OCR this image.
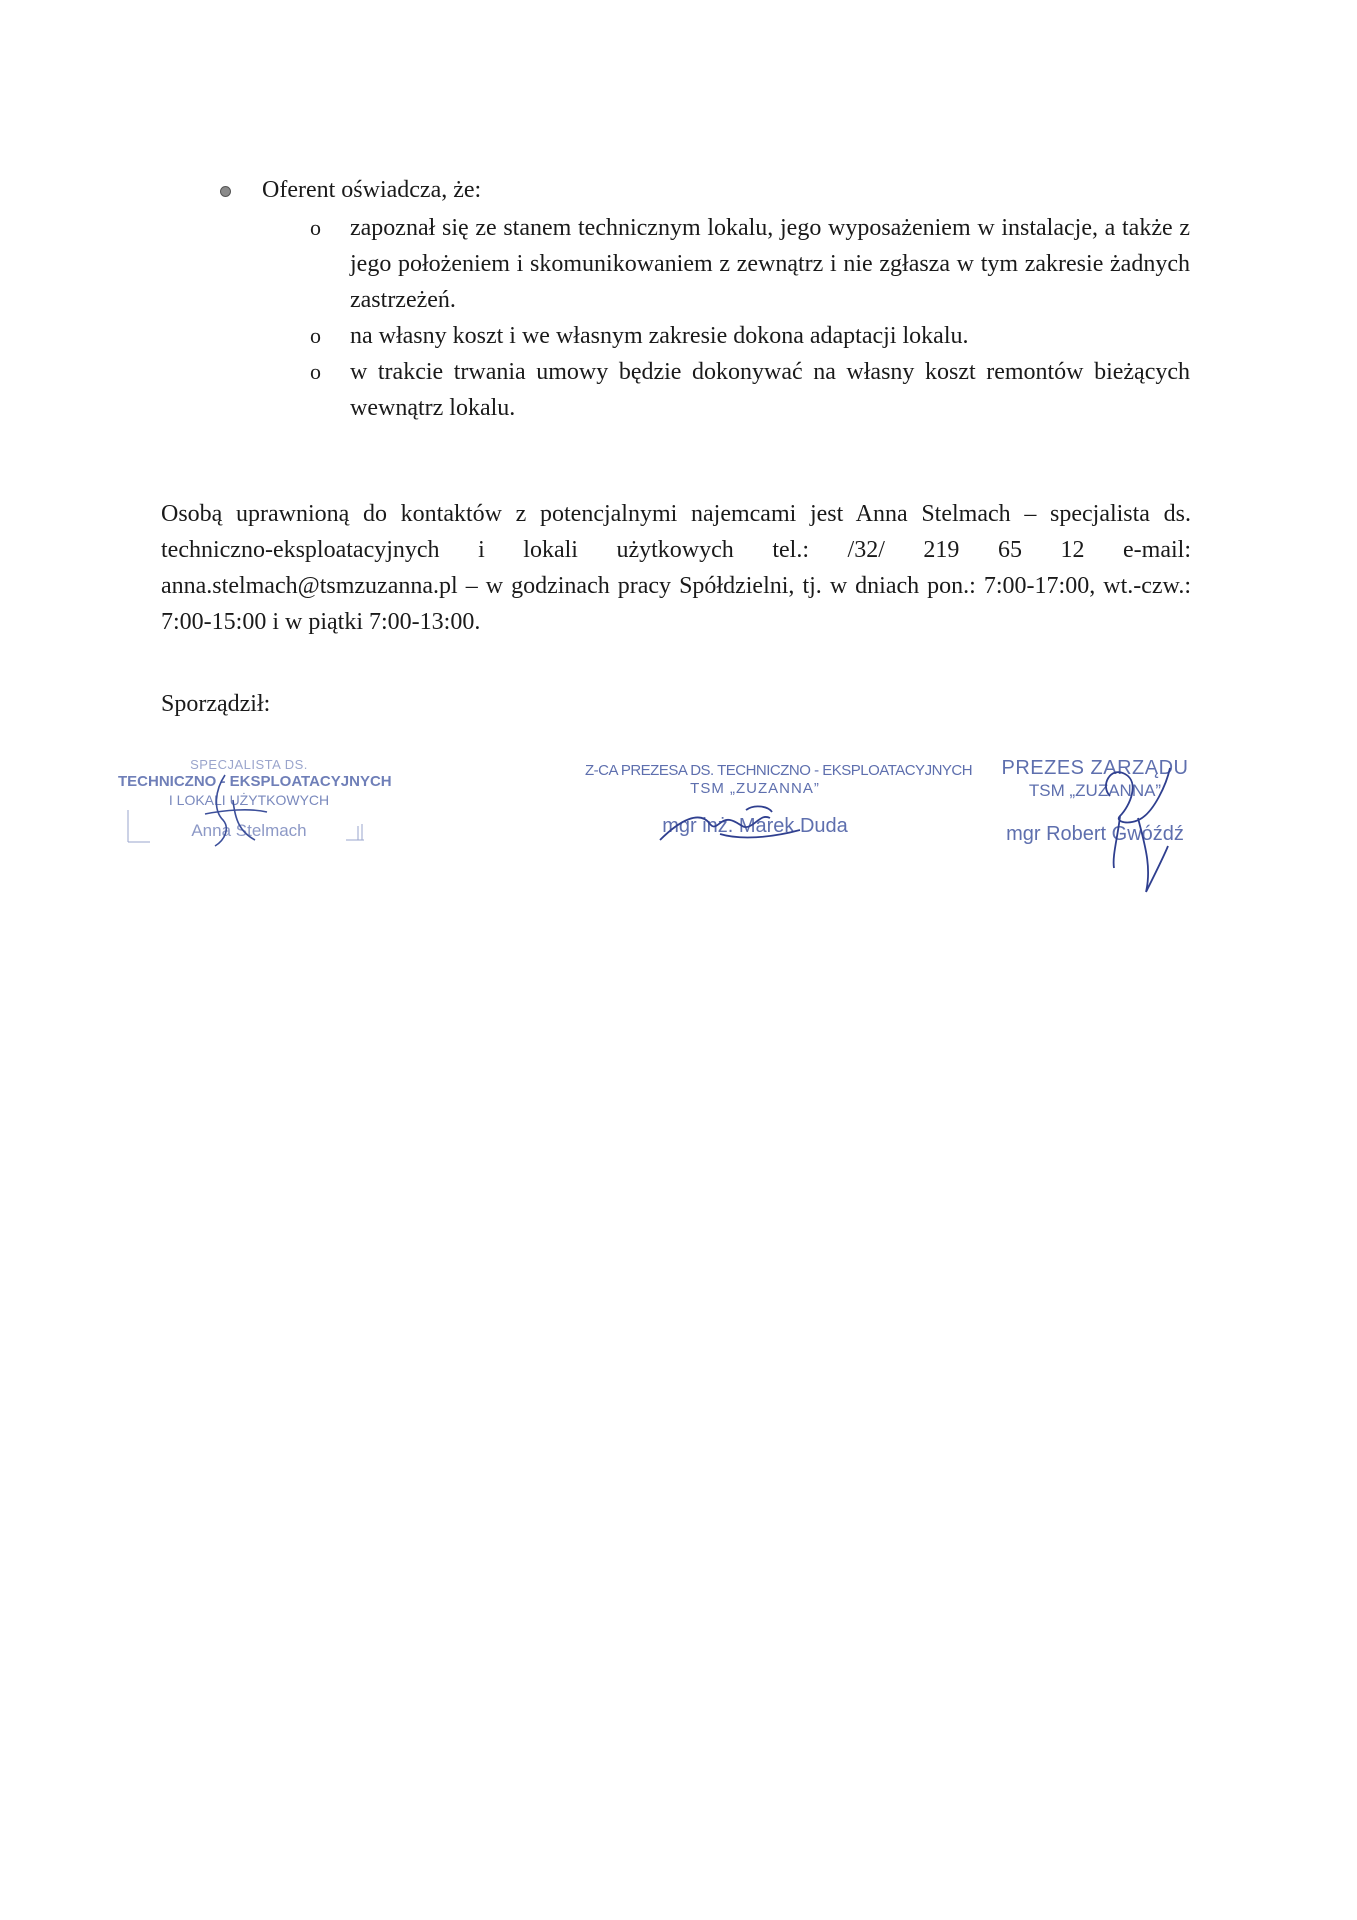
Oferent oświadcza, że:
o zapoznał się ze stanem technicznym lokalu, jego wyposażeniem w instalacje, a także z jego położeniem i skomunikowaniem z zewnątrz i nie zgłasza w tym zakresie żadnych zastrzeżeń.
o na własny koszt i we własnym zakresie dokona adaptacji lokalu.
o w trakcie trwania umowy będzie dokonywać na własny koszt remontów bieżących wewnątrz lokalu.

Osobą uprawnioną do kontaktów z potencjalnymi najemcami jest Anna Stelmach – specjalista ds. techniczno-eksploatacyjnych i lokali użytkowych tel.: /32/ 219 65 12 e-mail: anna.stelmach@tsmzuzanna.pl – w godzinach pracy Spółdzielni, tj. w dniach pon.: 7:00-17:00, wt.-czw.: 7:00-15:00 i w piątki 7:00-13:00.

Sporządził:
SPECJALISTA DS.
TECHNICZNO - EKSPLOATACYJNYCH
I LOKALI UŻYTKOWYCH
Anna Stelmach
Z-CA PREZESA DS. TECHNICZNO - EKSPLOATACYJNYCH
TSM „ZUZANNA”
mgr inż. Marek Duda
PREZES ZARZĄDU
TSM „ZUZANNA”
mgr Robert Gwóźdź
